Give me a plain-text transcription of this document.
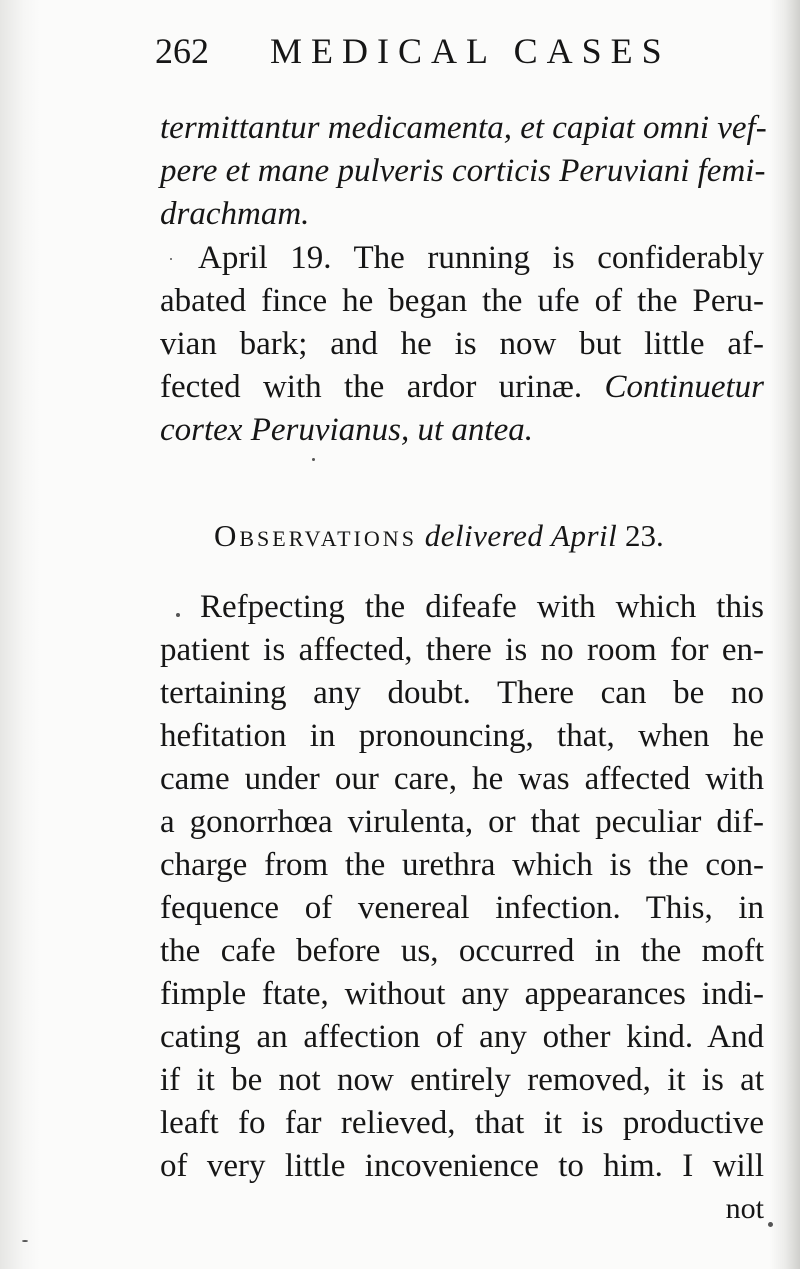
262 MEDICAL CASES
termittantur medicamenta, et capiat omni vef-
pere et mane pulveris corticis Peruviani femi-
drachmam.
April 19. The running is confiderably
abated fince he began the ufe of the Peru-
vian bark; and he is now but little af-
fected with the ardor urinæ. Continuetur
cortex Peruvianus, ut antea.
Observations delivered April 23.
Refpecting the difeafe with which this
patient is affected, there is no room for en-
tertaining any doubt. There can be no
hefitation in pronouncing, that, when he
came under our care, he was affected with
a gonorrhœa virulenta, or that peculiar dif-
charge from the urethra which is the con-
fequence of venereal infection. This, in
the cafe before us, occurred in the moft
fimple ftate, without any appearances indi-
cating an affection of any other kind. And
if it be not now entirely removed, it is at
leaft fo far relieved, that it is productive
of very little incovenience to him. I will
not
